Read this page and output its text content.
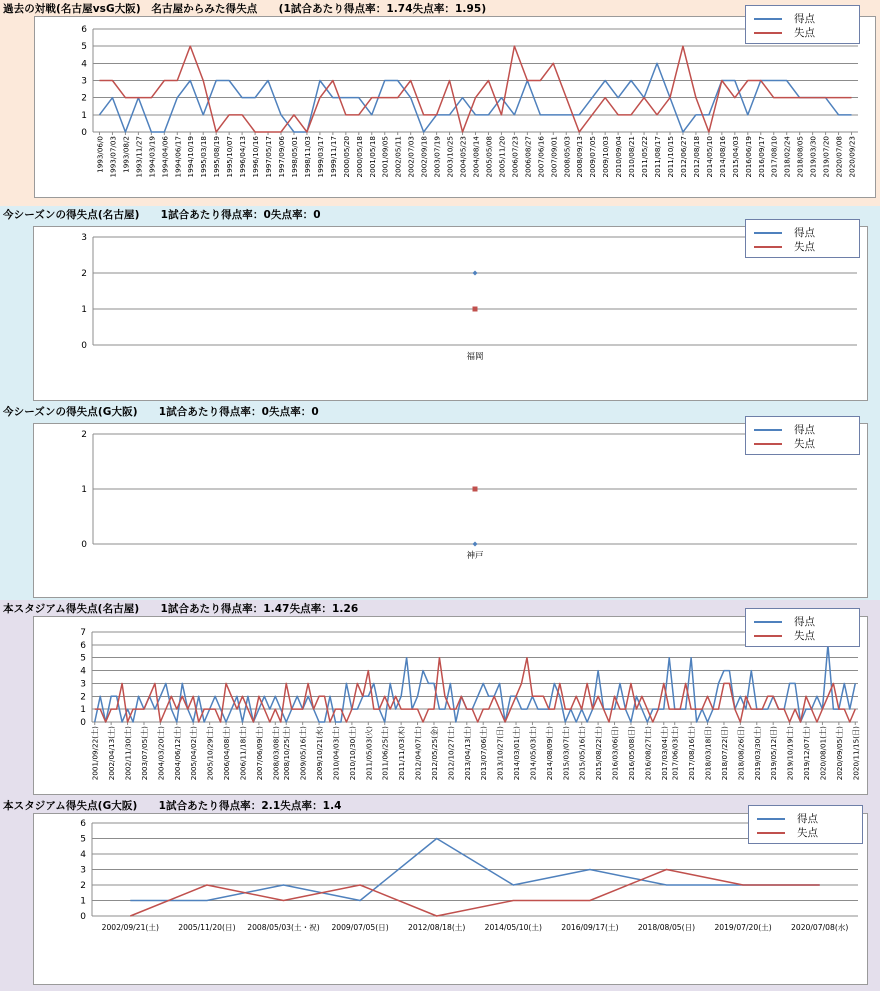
過去の対戦(名古屋vsG大阪)　名古屋からみた得失点　　(1試合あたり得点率：1.74失点率：1.95)
0
1
2
3
4
5
6
1993/06/0 1993/07/03 1993/08/2 1993/11/27 1994/03/19 1994/04/06 1994/06/17 1994/10/19 1995/03/18 1995/08/19 1995/10/07 1996/04/13 1996/10/16 1997/05/17 1997/09/06 1998/05/01 1998/11/03 1999/03/17 1999/11/17 2000/05/20 2000/05/18 2001/05/18 2001/09/05 2002/05/11 2002/07/03 2002/09/18 2003/07/19 2003/10/25 2004/05/23 2004/08/14 2005/05/08 2005/11/20 2006/07/23 2006/08/27 2007/06/16 2007/09/01 2008/05/03 2008/09/13 2009/07/05 2009/10/03 2010/09/04 2010/08/21 2011/05/22 2011/08/17 2011/10/15 2012/06/27 2012/08/18 2014/05/10 2014/08/16 2015/04/03 2016/06/19 2016/09/17 2017/08/10 2018/02/24 2018/08/05 2019/03/30 2019/07/20 2020/07/08 2020/09/23
得点
失点
今シーズンの得失点(名古屋)　　1試合あたり得点率：0失点率：0
0
1
2
3
福岡
得点
失点
今シーズンの得失点(G大阪)　　1試合あたり得点率：0失点率：0
0
1
2
神戸
得点
失点
本スタジアム得失点(名古屋)　　1試合あたり得点率：1.47失点率：1.26
0
1
2
3
4
5
6
7
2001/09/22(土) 2002/04/13(土) 2002/11/30(土) 2003/07/05(土) 2004/03/20(土) 2004/06/12(土) 2005/04/02(土) 2005/10/29(土) 2006/04/08(土) 2006/11/18(土) 2007/06/09(土) 2008/03/08(土) 2008/10/25(土) 2009/05/16(土) 2009/10/21(水) 2010/04/03(土) 2010/10/30(土) 2011/05/03(火) 2011/06/25(土) 2011/11/03(木) 2012/04/07(土) 2012/05/25(金) 2012/10/27(土) 2013/04/13(土) 2013/07/06(土) 2013/10/27(日) 2014/03/01(土) 2014/05/03(土) 2014/08/09(土) 2015/03/07(土) 2015/05/16(土) 2015/08/22(土) 2016/03/06(日) 2016/05/08(日) 2016/08/27(土) 2017/03/04(土) 2017/06/03(土) 2017/08/16(土) 2018/03/18(日) 2018/07/22(日) 2018/08/26(日) 2019/03/30(土) 2019/05/12(日) 2019/10/19(土) 2019/12/07(土) 2020/08/01(土) 2020/09/05(土) 2020/11/15(日)
得点
失点
本スタジアム得失点(G大阪)　　1試合あたり得点率：2.1失点率：1.4
0
1
2
3
4
5
6
2002/09/21(土)	2005/11/20(日) 2008/05/03(土・祝) 2009/07/05(日)	2012/08/18(土)	2014/05/10(土)	2016/09/17(土)	2018/08/05(日)	2019/07/20(土)	2020/07/08(水)
得点
失点
